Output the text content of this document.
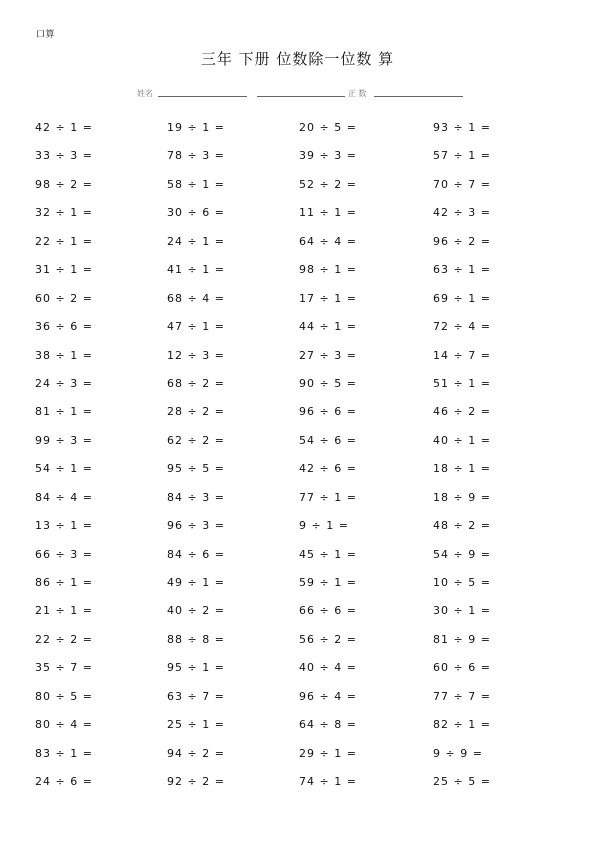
口算
三年 下册 位数除一位数 算
姓名	正 数
42 ÷ 1 =	19 ÷ 1 =	20 ÷ 5 =	93 ÷ 1 =
33 ÷ 3 =	78 ÷ 3 =	39 ÷ 3 =	57 ÷ 1 =
98 ÷ 2 =	58 ÷ 1 =	52 ÷ 2 =	70 ÷ 7 =
32 ÷ 1 =	30 ÷ 6 =	11 ÷ 1 =	42 ÷ 3 =
22 ÷ 1 =	24 ÷ 1 =	64 ÷ 4 =	96 ÷ 2 =
31 ÷ 1 =	41 ÷ 1 =	98 ÷ 1 =	63 ÷ 1 =
60 ÷ 2 =	68 ÷ 4 =	17 ÷ 1 =	69 ÷ 1 =
36 ÷ 6 =	47 ÷ 1 =	44 ÷ 1 =	72 ÷ 4 =
38 ÷ 1 =	12 ÷ 3 =	27 ÷ 3 =	14 ÷ 7 =
24 ÷ 3 =	68 ÷ 2 =	90 ÷ 5 =	51 ÷ 1 =
81 ÷ 1 =	28 ÷ 2 =	96 ÷ 6 =	46 ÷ 2 =
99 ÷ 3 =	62 ÷ 2 =	54 ÷ 6 =	40 ÷ 1 =
54 ÷ 1 =	95 ÷ 5 =	42 ÷ 6 =	18 ÷ 1 =
84 ÷ 4 =	84 ÷ 3 =	77 ÷ 1 =	18 ÷ 9 =
13 ÷ 1 =	96 ÷ 3 =	9 ÷ 1 =	48 ÷ 2 =
66 ÷ 3 =	84 ÷ 6 =	45 ÷ 1 =	54 ÷ 9 =
86 ÷ 1 =	49 ÷ 1 =	59 ÷ 1 =	10 ÷ 5 =
21 ÷ 1 =	40 ÷ 2 =	66 ÷ 6 =	30 ÷ 1 =
22 ÷ 2 =	88 ÷ 8 =	56 ÷ 2 =	81 ÷ 9 =
35 ÷ 7 =	95 ÷ 1 =	40 ÷ 4 =	60 ÷ 6 =
80 ÷ 5 =	63 ÷ 7 =	96 ÷ 4 =	77 ÷ 7 =
80 ÷ 4 =	25 ÷ 1 =	64 ÷ 8 =	82 ÷ 1 =
83 ÷ 1 =	94 ÷ 2 =	29 ÷ 1 =	9 ÷ 9 =
24 ÷ 6 =	92 ÷ 2 =	74 ÷ 1 =	25 ÷ 5 =
